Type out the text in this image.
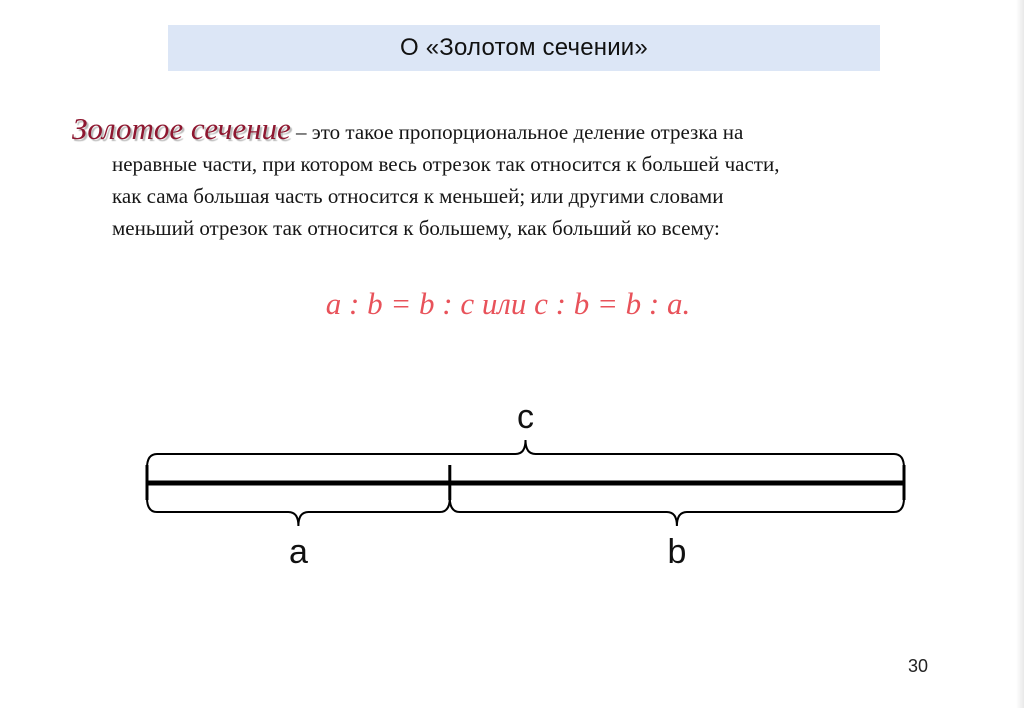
О «Золотом сечении»
Золотое сечение – это такое пропорциональное деление отрезка на
неравные части, при котором весь отрезок так относится к большей части,
как сама большая часть относится к меньшей; или другими словами
меньший отрезок так относится к большему, как больший ко всему:
a : b = b : c или c : b = b : a.
c
a	b
30
